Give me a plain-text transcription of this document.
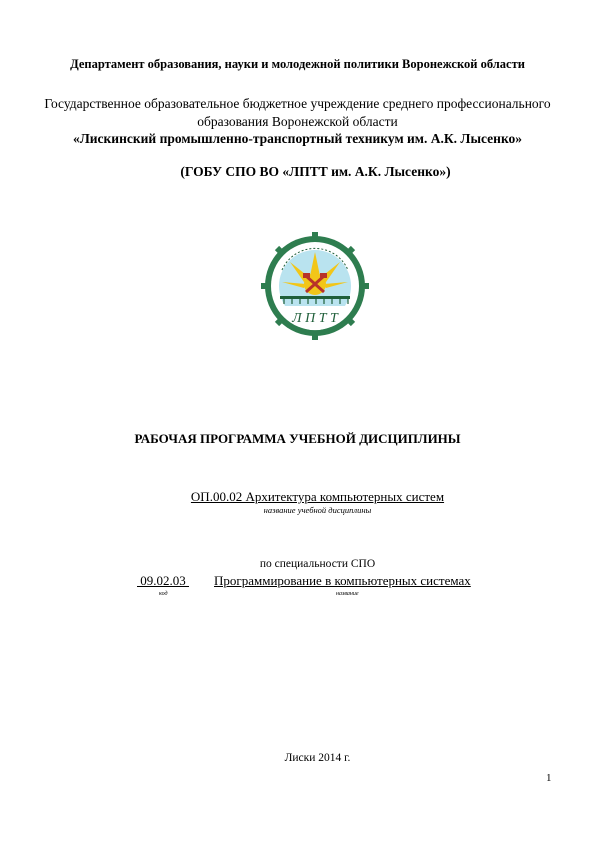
Департамент образования, науки и молодежной политики Воронежской области
Государственное образовательное бюджетное учреждение среднего профессионального
образования Воронежской области
«Лискинский промышленно-транспортный техникум им. А.К. Лысенко»
(ГОБУ СПО ВО «ЛПТТ им. А.К. Лысенко»)
Л П Т Т
РАБОЧАЯ ПРОГРАММА УЧЕБНОЙ ДИСЦИПЛИНЫ
ОП.00.02 Архитектура компьютерных систем
название учебной дисциплины
по специальности СПО
09.02.03 Программирование в компьютерных системах
код	название
Лиски 2014 г.
1
